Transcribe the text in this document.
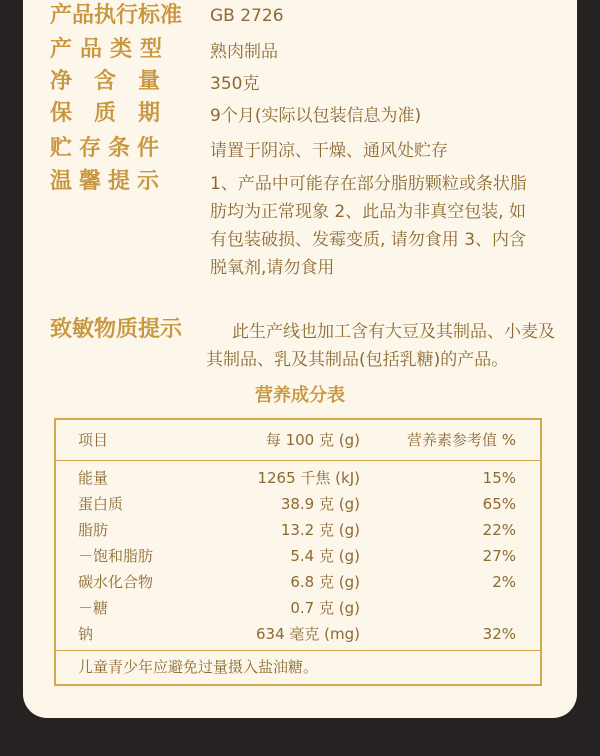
产品执行标准 GB 2726
产品类型 熟肉制品
净含量 350克
保质期 9个月(实际以包装信息为准)
贮存条件	请置于阴凉、干燥、通风处贮存
温馨提示	1、产品中可能存在部分脂肪颗粒或条状脂肪均为正常现象 2、此品为非真空包装, 如有包装破损、发霉变质, 请勿食用 3、内含脱氧剂,请勿食用
致敏物质提示	此生产线也加工含有大豆及其制品、小麦及其制品、乳及其制品(包括乳糖)的产品。
营养成分表
项目	每 100 克 (g)	营养素参考值 %
能量	1265 千焦 (kJ)	15%
蛋白质	38.9 克 (g)	65%
脂肪	13.2 克 (g)	22%
－饱和脂肪	5.4 克 (g)	27%
碳水化合物	6.8 克 (g)	2%
－糖	0.7 克 (g)
钠	634 毫克 (mg)	32%
儿童青少年应避免过量摄入盐油糖。
